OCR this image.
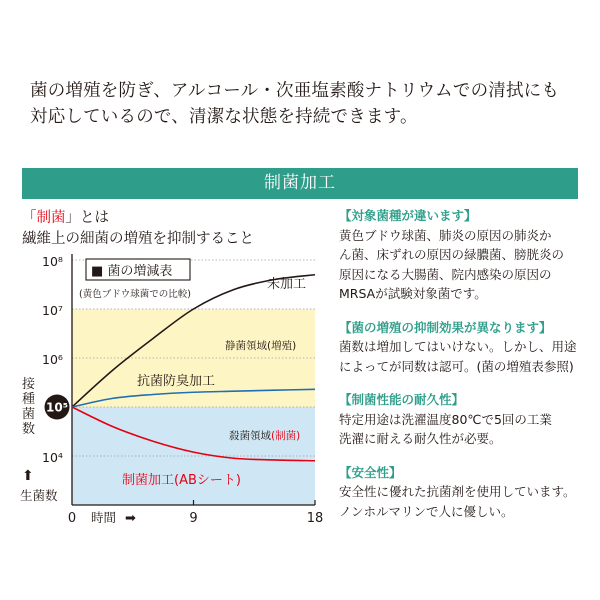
菌の増殖を防ぎ、アルコール・次亜塩素酸ナトリウムでの清拭にも
対応しているので、清潔な状態を持続できます。
制菌加工
「制菌」とは
繊維上の細菌の増殖を抑制すること
【対象菌種が違います】
黄色ブドウ球菌、肺炎の原因の肺炎か
ん菌、床ずれの原因の緑膿菌、膀胱炎の
原因になる大腸菌、院内感染の原因の
MRSAが試験対象菌です。
【菌の増殖の抑制効果が異なります】
菌数は増加してはいけない。しかし、用途
によってが同数は認可。(菌の増殖表参照)
【制菌性能の耐久性】
特定用途は洗濯温度80℃で5回の工業
洗濯に耐える耐久性が必要。
【安全性】
安全性に優れた抗菌剤を使用しています。
ノンホルマリンで人に優しい。
10⁸
10⁷
10⁶
10⁴
0	9	18
時間 ➡
接
種
菌
数
⬆
生菌数
未加工
抗菌防臭加工
制菌加工(ABシート)
静菌領域(増殖)
殺菌領域(制菌)
■ 菌の増減表
(黄色ブドウ球菌での比較)
10⁵
